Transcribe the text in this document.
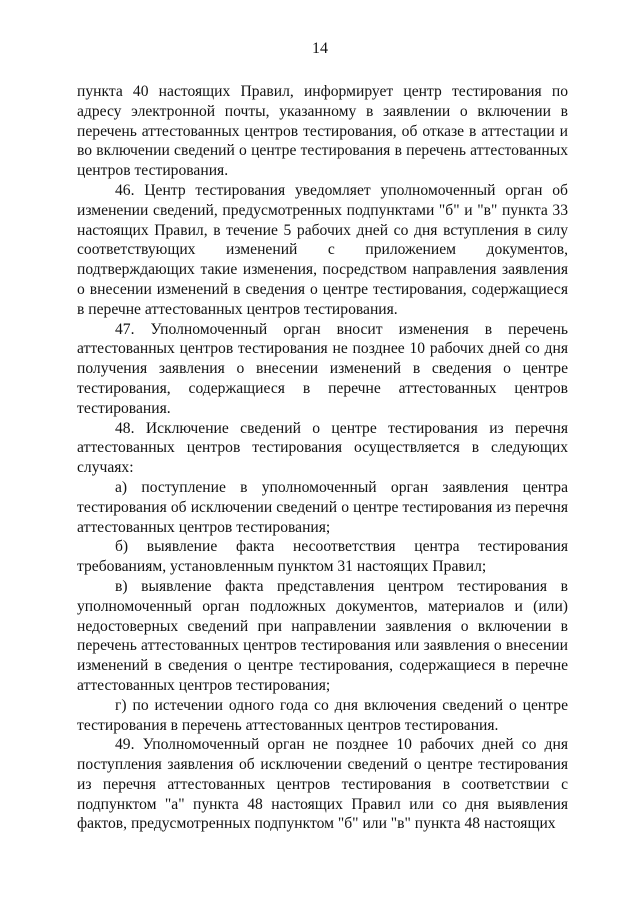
14

пункта 40 настоящих Правил, информирует центр тестирования по адресу электронной почты, указанному в заявлении о включении в перечень аттестованных центров тестирования, об отказе в аттестации и во включении сведений о центре тестирования в перечень аттестованных центров тестирования.

46. Центр тестирования уведомляет уполномоченный орган об изменении сведений, предусмотренных подпунктами "б" и "в" пункта 33 настоящих Правил, в течение 5 рабочих дней со дня вступления в силу соответствующих изменений с приложением документов, подтверждающих такие изменения, посредством направления заявления о внесении изменений в сведения о центре тестирования, содержащиеся в перечне аттестованных центров тестирования.

47. Уполномоченный орган вносит изменения в перечень аттестованных центров тестирования не позднее 10 рабочих дней со дня получения заявления о внесении изменений в сведения о центре тестирования, содержащиеся в перечне аттестованных центров тестирования.

48. Исключение сведений о центре тестирования из перечня аттестованных центров тестирования осуществляется в следующих случаях:

а) поступление в уполномоченный орган заявления центра тестирования об исключении сведений о центре тестирования из перечня аттестованных центров тестирования;

б) выявление факта несоответствия центра тестирования требованиям, установленным пунктом 31 настоящих Правил;

в) выявление факта представления центром тестирования в уполномоченный орган подложных документов, материалов и (или) недостоверных сведений при направлении заявления о включении в перечень аттестованных центров тестирования или заявления о внесении изменений в сведения о центре тестирования, содержащиеся в перечне аттестованных центров тестирования;

г) по истечении одного года со дня включения сведений о центре тестирования в перечень аттестованных центров тестирования.

49. Уполномоченный орган не позднее 10 рабочих дней со дня поступления заявления об исключении сведений о центре тестирования из перечня аттестованных центров тестирования в соответствии с подпунктом "а" пункта 48 настоящих Правил или со дня выявления фактов, предусмотренных подпунктом "б" или "в" пункта 48 настоящих
